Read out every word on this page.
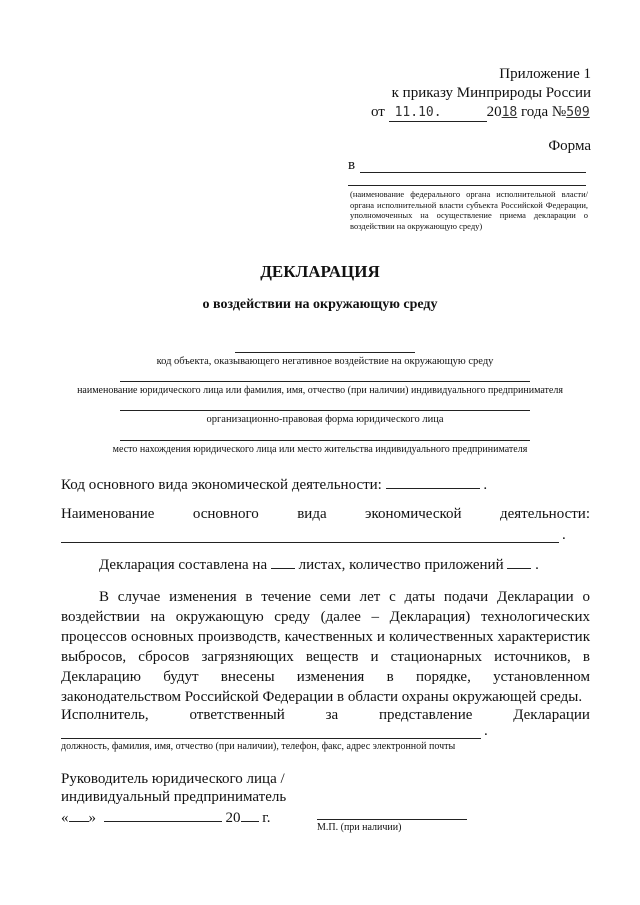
Приложение 1
к приказу Минприроды России
от 11.10.	2018 года №509
Форма
в
(наименование федерального органа исполнительной власти/ органа исполнительной власти субъекта Российской Федерации, уполномоченных на осуществление приема декларации о воздействии на окружающую среду)
ДЕКЛАРАЦИЯ
о воздействии на окружающую среду
код объекта, оказывающего негативное воздействие на окружающую среду
наименование юридического лица или фамилия, имя, отчество (при наличии) индивидуального предпринимателя
организационно-правовая форма юридического лица
место нахождения юридического лица или место жительства индивидуального предпринимателя
Код основного вида экономической деятельности:	.
Наименование	основного	вида	экономической	деятельности:
.
Декларация составлена на листах, количество приложений .
В случае изменения в течение семи лет с даты подачи Декларации о
воздействии на окружающую среду (далее – Декларация) технологических
процессов основных производств, качественных и количественных характеристик
выбросов, сбросов загрязняющих веществ и стационарных источников, в
Декларацию будут внесены изменения в порядке, установленном
законодательством Российской Федерации в области охраны окружающей среды.
Исполнитель,	ответственный	за	представление	Декларации
.
должность, фамилия, имя, отчество (при наличии), телефон, факс, адрес электронной почты
Руководитель юридического лица /
индивидуальный предприниматель
« »	20 г.
М.П. (при наличии)
